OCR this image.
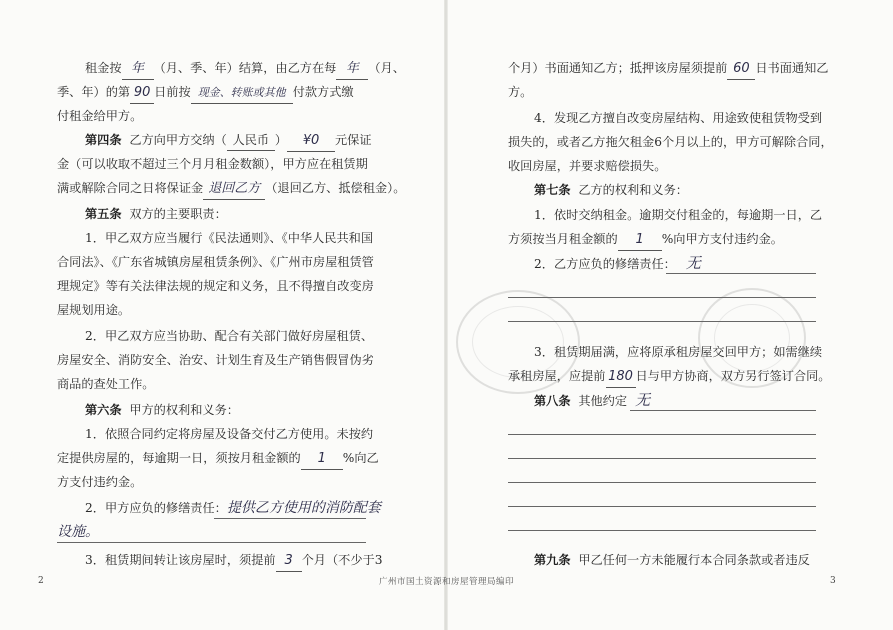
租金按 年 （月、季、年）结算，由乙方在每 年 （月、
季、年）的第 90 日前按 现金、转账或其他 付款方式缴
付租金给甲方。
第四条 乙方向甲方交纳（ 人民币 ） ¥0 元保证
金（可以收取不超过三个月月租金数额），甲方应在租赁期
满或解除合同之日将保证金 退回乙方 （退回乙方、抵偿租金）。
第五条 双方的主要职责：
1．甲乙双方应当履行《民法通则》、《中华人民共和国
合同法》、《广东省城镇房屋租赁条例》、《广州市房屋租赁管
理规定》等有关法律法规的规定和义务，且不得擅自改变房
屋规划用途。
2．甲乙双方应当协助、配合有关部门做好房屋租赁、
房屋安全、消防安全、治安、计划生育及生产销售假冒伪劣
商品的查处工作。
第六条 甲方的权利和义务：
1．依照合同约定将房屋及设备交付乙方使用。未按约
定提供房屋的，每逾期一日，须按月租金额的 1 %向乙
方支付违约金。
2．甲方应负的修缮责任：提供乙方使用的消防配套
设施。
3．租赁期间转让该房屋时，须提前 3 个月（不少于3
2
个月）书面通知乙方；抵押该房屋须提前 60 日书面通知乙
方。
4．发现乙方擅自改变房屋结构、用途致使租赁物受到
损失的，或者乙方拖欠租金6个月以上的，甲方可解除合同，
收回房屋，并要求赔偿损失。
第七条 乙方的权利和义务：
1．依时交纳租金。逾期交付租金的，每逾期一日，乙
方须按当月租金额的 1 %向甲方支付违约金。
2．乙方应负的修缮责任： 无
3．租赁期届满，应将原承租房屋交回甲方；如需继续
承租房屋，应提前 180 日与甲方协商，双方另行签订合同。
第八条 其他约定 无
第九条 甲乙任何一方未能履行本合同条款或者违反
3
广州市国土资源和房屋管理局编印
